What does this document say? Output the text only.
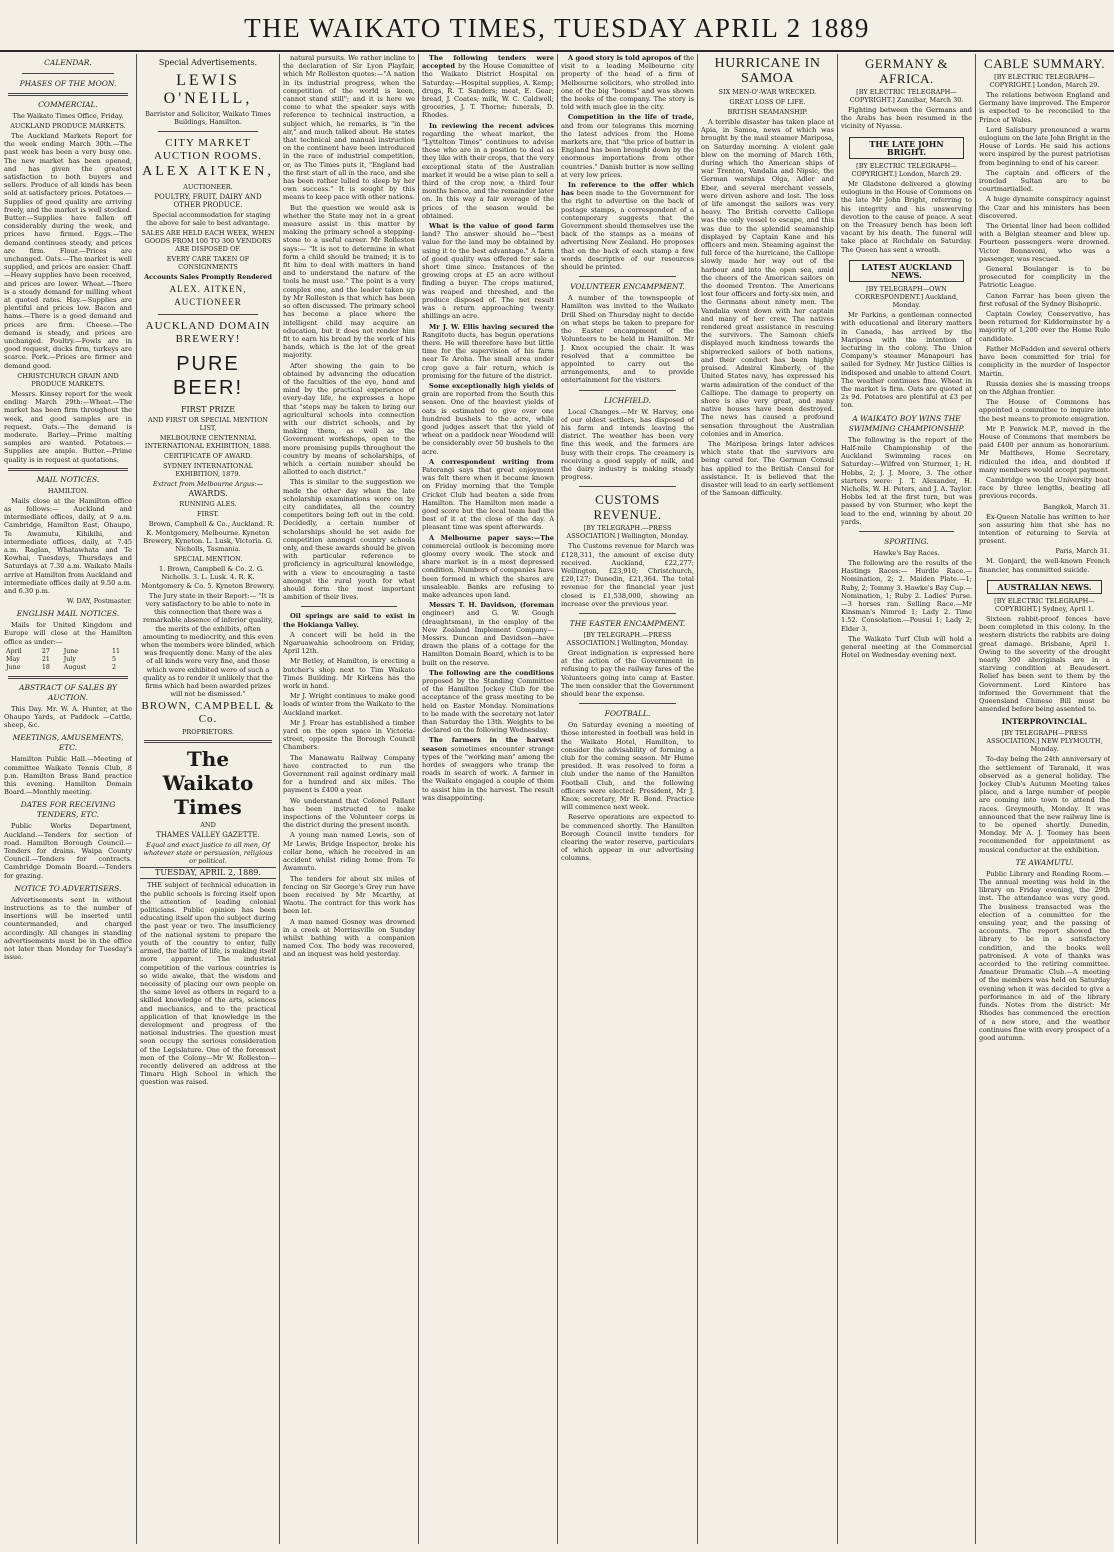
THE WAIKATO TIMES, TUESDAY APRIL 2 1889
CALENDAR.
PHASES OF THE MOON.
COMMERCIAL.
The Waikato Times Office, Friday.
AUCKLAND PRODUCE MARKETS.

The Auckland Markets Report for the week ending March 30th.—The past week has been a very busy one. The new market has been opened, and has given the greatest satisfaction to both buyers and sellers. Produce of all kinds has been sold at satisfactory prices. Potatoes.—Supplies of good quality are arriving freely, and the market is well stocked. Butter.—Supplies have fallen off considerably during the week, and prices have firmed. Eggs.—The demand continues steady, and prices are firm. Flour.—Prices are unchanged. Oats.—The market is well supplied, and prices are easier. Chaff.—Heavy supplies have been received, and prices are lower. Wheat.—There is a steady demand for milling wheat at quoted rates. Hay.—Supplies are plentiful and prices low. Bacon and hams.—There is a good demand and prices are firm. Cheese.—The demand is steady, and prices are unchanged. Poultry.—Fowls are in good request, ducks firm, turkeys are scarce. Pork.—Prices are firmer and demand good.

CHRISTCHURCH GRAIN AND PRODUCE MARKETS.

Messrs. Kinsey report for the week ending March 29th:—Wheat.—The market has been firm throughout the week, and good samples are in request. Oats.—The demand is moderate. Barley.—Prime malting samples are wanted. Potatoes.—Supplies are ample. Butter.—Prime quality is in request at quotations.

MAIL NOTICES.
HAMILTON.

Mails close at the Hamilton office as follows:— Auckland and intermediate offices, daily, at 9 a.m. Cambridge, Hamilton East, Ohaupo, Te Awamutu, Kihikihi, and intermediate offices, daily, at 7.45 a.m. Raglan, Whatawhata and Te Kowhai, Tuesdays, Thursdays and Saturdays at 7.30 a.m. Waikato Mails arrive at Hamilton from Auckland and intermediate offices daily at 9.50 a.m. and 6.30 p.m.

W. DAY, Postmaster.
ENGLISH MAIL NOTICES.

Mails for United Kingdom and Europe will close at the Hamilton office as under:—

April	27	June	11
May	21	July	5
June	18	August	2
ABSTRACT OF SALES BY AUCTION.

This Day. Mr. W. A. Hunter, at the Ohaupo Yards, at Paddock —Cattle, sheep, &c.

MEETINGS, AMUSEMENTS, ETC.

Hamilton Public Hall.—Meeting of committee Waikato Tennis Club, 8 p.m. Hamilton Brass Band practice this evening. Hamilton Domain Board.—Monthly meeting.

DATES FOR RECEIVING TENDERS, ETC.

Public Works Department, Auckland.—Tenders for section of road. Hamilton Borough Council.—Tenders for drains. Waipa County Council.—Tenders for contracts. Cambridge Domain Board.—Tenders for grazing.

NOTICE TO ADVERTISERS.

Advertisements sent in without instructions as to the number of insertions will be inserted until countermanded, and charged accordingly. All changes in standing advertisements must be in the office not later than Monday for Tuesday's issue.

Special Advertisements.
LEWIS O'NEILL,
Barrister and Solicitor, Waikato Times Buildings, Hamilton.
CITY MARKET AUCTION ROOMS.
ALEX AITKEN,
AUCTIONEER.
POULTRY, FRUIT, DAIRY AND OTHER PRODUCE.

Special accommodation for staging the above for sale to best advantage.

SALES ARE HELD EACH WEEK, WHEN GOODS FROM 100 TO 300 VENDORS ARE DISPOSED OF.
EVERY CARE TAKEN OF CONSIGNMENTS
Accounts Sales Promptly Rendered
ALEX. AITKEN, AUCTIONEER
AUCKLAND DOMAIN BREWERY!
PURE BEER!
FIRST PRIZE
AND FIRST OR SPECIAL MENTION LIST,
MELBOURNE CENTENNIAL INTERNATIONAL EXHIBITION, 1888.
CERTIFICATE OF AWARD.
SYDNEY INTERNATIONAL EXHIBITION, 1879.
Extract from Melbourne Argus:—
AWARDS.
RUNNING ALES.
FIRST.

Brown, Campbell & Co., Auckland. R. K. Montgomery, Melbourne. Kyneton Brewery, Kyneton. L. Lusk, Victoria. G. Nicholls, Tasmania.

SPECIAL MENTION.

1. Brown, Campbell & Co. 2. G. Nicholls. 3. L. Lusk. 4. R. K. Montgomery & Co. 5. Kyneton Brewery.

The Jury state in their Report:— "It is very satisfactory to be able to note in this connection that there was a remarkable absence of inferior quality, the merits of the exhibits, often amounting to mediocrity, and this even when the members were blinded, which was frequently done. Many of the ales of all kinds were very fine, and those which were exhibited were of such a quality as to render it unlikely that the firms which had been awarded prizes will not be dismissed."

BROWN, CAMPBELL & Co.
PROPRIETORS.
The Waikato Times
AND
THAMES VALLEY GAZETTE.
Equal and exact justice to all men, Of whatever state or persuasion, religious or political.
TUESDAY, APRIL 2, 1889.

THE subject of technical education in the public schools is forcing itself upon the attention of leading colonial politicians. Public opinion has been educating itself upon the subject during the past year or two. The insufficiency of the national system to prepare the youth of the country to enter, fully armed, the battle of life, is making itself more apparent. The industrial competition of the various countries is so wide awake, that the wisdom and necessity of placing our own people on the same level as others in regard to a skilled knowledge of the arts, sciences and mechanics, and to the practical application of that knowledge in the development and progress of the national industries. The question must soon occupy the serious consideration of the Legislature. One of the foremost men of the Colony—Mr W. Rolleston—recently delivered an address at the Timaru High School in which the question was raised.

natural pursuits. We rather incline to the declaration of Sir Lyon Playfair, which Mr Rolleston quotes:—"A nation in its industrial progress, when the competition of the world is keen, cannot stand still"; and it is here we come to what the speaker says with reference to technical instruction, a subject which, he remarks, is "in the air," and much talked about. He states that technical and manual instruction on the continent have been introduced in the race of industrial competition, or, as The Times puts it, "England had the first start of all in the race, and she has been rather lulled to sleep by her own success." It is sought by this means to keep pace with other nations.

But the question we would ask is whether the State may not in a great measure assist in this matter by making the primary school a stepping-stone to a useful career. Mr Rolleston says:— "It is not to determine in what form a child should be trained; it is to fit him to deal with matters in hand and to understand the nature of the tools he must use." The point is a very complex one, and the leader taken up by Mr Rolleston is that which has been so often discussed. The primary school has become a place where the intelligent child may acquire an education, but it does not render him fit to earn his bread by the work of his hands, which is the lot of the great majority.

After showing the gain to be obtained by advancing the education of the faculties of the eye, hand and mind by the practical experience of every-day life, he expresses a hope that "steps may be taken to bring our agricultural schools into connection with our district schools, and by making them, as well as the Government workshops, open to the more promising pupils throughout the country by means of scholarships, of which a certain number should be allotted to each district."

This is similar to the suggestion we made the other day when the late scholarship examinations were on by city candidates, all the country competitors being left out in the cold. Decidedly, a certain number of scholarships should be set aside for competition amongst country schools only, and these awards should be given with particular reference to proficiency in agricultural knowledge, with a view to encouraging a taste amongst the rural youth for what should form the most important ambition of their lives.

Oil springs are said to exist in the Hokianga Valley.

A concert will be held in the Ngaruawahia schoolroom on Friday, April 12th.

Mr Betley, of Hamilton, is erecting a butcher's shop next to Tim Waikato Times Building. Mr Kirkens has the work in hand.

Mr J. Wright continues to make good loads of winter from the Waikato to the Auckland market.

Mr J. Frear has established a timber yard on the open space in Victoria-street, opposite the Borough Council Chambers.

The Manawatu Railway Company have contracted to run the Government rail against ordinary mail for a hundred and six miles. The payment is £400 a year.

We understand that Colonel Pallant has been instructed to make inspections of the Volunteer corps in the district during the present month.

A young man named Lewis, son of Mr Lewis, Bridge Inspector, broke his collar bone, which he received in an accident whilst riding home from Te Awamutu.

The tenders for about six miles of fencing on Sir George's Grey run have been received by Mr Mcarthy, at Waotu. The contract for this work has been let.

A man named Gosney was drowned in a creek at Morrinsville on Sunday whilst bathing with a companion named Cox. The body was recovered, and an inquest was held yesterday.

The following tenders were accepted by the House Committee of the Waikato District Hospital on Saturday:—Hospital supplies, A. Kemp; drugs, R. T. Sanders; meat, E. Gear; bread, J. Coates; milk, W. C. Caldwell; groceries, J. T. Thorne; funerals, D. Rhodes.

In reviewing the recent advices regarding the wheat market, the "Lyttelton Times" continues to advise those who are in a position to deal as they like with their crops, that the very exceptional state of the Australian market it would be a wise plan to sell a third of the crop now, a third four months hence, and the remainder later on. In this way a fair average of the prices of the season would be obtained.

What is the value of good farm land? The answer should be—"best value for the land may be obtained by using it to the best advantage." A farm of good quality was offered for sale a short time since. Instances of the growing crops at £5 an acre without finding a buyer. The crops matured, was reaped and threshed, and the produce disposed of. The net result was a return approaching twenty shillings an acre.

Mr J. W. Ellis having secured the Rangitoto ducts, has begun operations there. He will therefore have but little time for the supervision of his farm near Te Aroha. The small area under crop gave a fair return, which is promising for the future of the district.

Some exceptionally high yields of grain are reported from the South this season. One of the heaviest yields of oats is estimated to give over one hundred bushels to the acre, while good judges assert that the yield of wheat on a paddock near Woodend will be considerably over 50 bushels to the acre.

A correspondent writing from Paterangi says that great enjoyment was felt there when it became known on Friday morning that the Temple Cricket Club had beaten a side from Hamilton. The Hamilton men made a good score but the local team had the best of it at the close of the day. A pleasant time was spent afterwards.

A Melbourne paper says:—The commercial outlook is becoming more gloomy every week. The stock and share market is in a most depressed condition. Numbers of companies have been formed in which the shares are unsaleable. Banks are refusing to make advances upon land.

Messrs T. H. Davidson, (foreman engineer) and G. W. Gough (draughtsman), in the employ of the New Zealand Implement Company—Messrs. Duncan and Davidson—have drawn the plans of a cottage for the Hamilton Domain Board, which is to be built on the reserve.

The following are the conditions proposed by the Standing Committee of the Hamilton Jockey Club for the acceptance of the grass meeting to be held on Easter Monday. Nominations to be made with the secretary not later than Saturday the 13th. Weights to be declared on the following Wednesday.

The farmers in the harvest season sometimes encounter strange types of the "working man" among the hordes of swaggers who tramp the roads in search of work. A farmer in the Waikato engaged a couple of them to assist him in the harvest. The result was disappointing.

A good story is told apropos of the visit to a leading Melbourne city property of the head of a firm of Melbourne solicitors, who strolled into one of the big "booms" and was shown the books of the company. The story is told with much glee in the city.

Competition in the life of trade, and from our telegrams this morning the latest advices from the Home markets are, that "the price of butter in England has been brought down by the enormous importations from other countries." Danish butter is now selling at very low prices.

In reference to the offer which has been made to the Government for the right to advertise on the back of postage stamps, a correspondent of a contemporary suggests that the Government should themselves use the back of the stamps as a means of advertising New Zealand. He proposes that on the back of each stamp a few words descriptive of our resources should be printed.

VOLUNTEER ENCAMPMENT.

A number of the townspeople of Hamilton was invited to the Waikato Drill Shed on Thursday night to decide on what steps be taken to prepare for the Easter encampment of the Volunteers to be held in Hamilton. Mr J. Knox occupied the chair. It was resolved that a committee be appointed to carry out the arrangements, and to provide entertainment for the visitors.

LICHFIELD.

Local Changes.—Mr W. Harvey, one of our oldest settlers, has disposed of his farm and intends leaving the district. The weather has been very fine this week, and the farmers are busy with their crops. The creamery is receiving a good supply of milk, and the dairy industry is making steady progress.

CUSTOMS REVENUE.
[BY TELEGRAPH.—PRESS ASSOCIATION.] Wellington, Monday.

The Customs revenue for March was £128,311, the amount of excise duty received. Auckland, £22,277; Wellington, £23,910; Christchurch, £20,127; Dunedin, £21,364. The total revenue for the financial year just closed is £1,538,000, showing an increase over the previous year.

THE EASTER ENCAMPMENT.
[BY TELEGRAPH.—PRESS ASSOCIATION.] Wellington, Monday.

Great indignation is expressed here at the action of the Government in refusing to pay the railway fares of the Volunteers going into camp at Easter. The men consider that the Government should bear the expense.

FOOTBALL.

On Saturday evening a meeting of those interested in football was held in the Waikato Hotel, Hamilton, to consider the advisability of forming a club for the coming season. Mr Hume presided. It was resolved to form a club under the name of the Hamilton Football Club, and the following officers were elected: President, Mr J. Knox; secretary, Mr R. Bond. Practice will commence next week.

Reserve operations are expected to be commenced shortly. The Hamilton Borough Council invite tenders for clearing the water reserve, particulars of which appear in our advertising columns.

HURRICANE IN SAMOA
SIX MEN-O'-WAR WRECKED.
GREAT LOSS OF LIFE.
BRITISH SEAMANSHIP.

A terrible disaster has taken place at Apia, in Samoa, news of which was brought by the mail steamer Mariposa, on Saturday morning. A violent gale blew on the morning of March 16th, during which the American ships of war Trenton, Vandalia and Nipsic, the German warships Olga, Adler and Eber, and several merchant vessels, were driven ashore and lost. The loss of life amongst the sailors was very heavy. The British corvette Calliope was the only vessel to escape, and this was due to the splendid seamanship displayed by Captain Kane and his officers and men. Steaming against the full force of the hurricane, the Calliope slowly made her way out of the harbour and into the open sea, amid the cheers of the American sailors on the doomed Trenton. The Americans lost four officers and forty-six men, and the Germans about ninety men. The Vandalia went down with her captain and many of her crew. The natives rendered great assistance in rescuing the survivors. The Samoan chiefs displayed much kindness towards the shipwrecked sailors of both nations, and their conduct has been highly praised. Admiral Kimberly, of the United States navy, has expressed his warm admiration of the conduct of the Calliope. The damage to property on shore is also very great, and many native houses have been destroyed. The news has caused a profound sensation throughout the Australian colonies and in America.

The Mariposa brings later advices which state that the survivors are being cared for. The German Consul has applied to the British Consul for assistance. It is believed that the disaster will lead to an early settlement of the Samoan difficulty.

GERMANY & AFRICA.
[BY ELECTRIC TELEGRAPH—COPYRIGHT.] Zanzibar, March 30.

Fighting between the Germans and the Arabs has been resumed in the vicinity of Nyassa.

THE LATE JOHN BRIGHT.
[BY ELECTRIC TELEGRAPH—COPYRIGHT.] London, March 29.

Mr Gladstone delivered a glowing eulogium in the House of Commons on the late Mr John Bright, referring to his integrity and his unswerving devotion to the cause of peace. A seat on the Treasury bench has been left vacant by his death. The funeral will take place at Rochdale on Saturday. The Queen has sent a wreath.

LATEST AUCKLAND NEWS.
[BY TELEGRAPH—OWN CORRESPONDENT.] Auckland, Monday.

Mr Parkins, a gentleman connected with educational and literary matters in Canada, has arrived by the Mariposa with the intention of lecturing in the colony. The Union Company's steamer Manapouri has sailed for Sydney. Mr Justice Gillies is indisposed and unable to attend Court. The weather continues fine. Wheat in the market is firm. Oats are quoted at 2s 9d. Potatoes are plentiful at £3 per ton.

A WAIKATO BOY WINS THE SWIMMING CHAMPIONSHIP.

The following is the report of the Half-mile Championship of the Auckland Swimming races on Saturday:—Wilfred von Sturmer, 1; H. Hobbs, 2; J. J. Moore, 3. The other starters were: J. T. Alexander, H. Nicholls, W. H. Peters, and J. A. Taylor. Hobbs led at the first turn, but was passed by von Sturmer, who kept the lead to the end, winning by about 20 yards.

SPORTING.
Hawke's Bay Races.

The following are the results of the Hastings Races:— Hurdle Race.—Nomination, 2; 2. Maiden Plate.—1; Ruby, 2; Tommy 3. Hawke's Bay Cup.—Nomination, 1; Ruby 2. Ladies' Purse.—3 horses ran. Selling Race.—Mr Kinsman's Nimrod 1; Lady 2. Time 1.52. Consolation.—Pousui 1; Lady 2; Elder 3.

The Waikato Turf Club will hold a general meeting at the Commercial Hotel on Wednesday evening next.

CABLE SUMMARY.
[BY ELECTRIC TELEGRAPH—COPYRIGHT.] London, March 29.

The relations between England and Germany have improved. The Emperor is expected to be reconciled to the Prince of Wales.

Lord Salisbury pronounced a warm eulogium on the late John Bright in the House of Lords. He said his actions were inspired by the purest patriotism from beginning to end of his career.

The captain and officers of the ironclad Sultan are to be courtmartialled.

A huge dynamite conspiracy against the Czar and his ministers has been discovered.

The Oriental liner had been collided with a Belgian steamer and blew up. Fourteen passengers were drowned. Victor Bonnavoni, who was a passenger, was rescued.

General Boulanger is to be prosecuted for complicity in the Patriotic League.

Canon Farrar has been given the first refusal of the Sydney Bishopric.

Captain Cowley, Conservative, has been returned for Kidderminster by a majority of 1,200 over the Home Rule candidate.

Father McFadden and several others have been committed for trial for complicity in the murder of Inspector Martin.

Russia denies she is massing troops on the Afghan frontier.

The House of Commons has appointed a committee to inquire into the best means to promote emigration.

Mr P. Fenwick M.P., moved in the House of Commons that members be paid £400 per annum as honorarium. Mr Matthews, Home Secretary, ridiculed the idea, and doubted if many members would accept payment.

Cambridge won the University boat race by three lengths, beating all previous records.

Bangkok, March 31.

Ex-Queen Natalie has written to her son assuring him that she has no intention of returning to Servia at present.

Paris, March 31.

M. Gonjard, the well-known French financier, has committed suicide.

AUSTRALIAN NEWS.
[BY ELECTRIC TELEGRAPH—COPYRIGHT.] Sydney, April 1.

Sixteen rabbit-proof fences have been completed in this colony. In the western districts the rabbits are doing great damage. Brisbane, April 1. Owing to the severity of the drought nearly 300 aboriginals are in a starving condition at Beaudesert. Relief has been sent to them by the Government. Lord Kintore has informed the Government that the Queensland Chinese Bill must be amended before being assented to.

INTERPROVINCIAL.
[BY TELEGRAPH—PRESS ASSOCIATION.] NEW PLYMOUTH, Monday.

To-day being the 24th anniversary of the settlement of Taranaki, it was observed as a general holiday. The Jockey Club's Autumn Meeting takes place, and a large number of people are coming into town to attend the races. Greymouth, Monday. It was announced that the new railway line is to be opened shortly. Dunedin, Monday. Mr A. J. Toomey has been recommended for appointment as musical conductor at the exhibition.

TE AWAMUTU.

Public Library and Reading Room.—The annual meeting was held in the library on Friday evening, the 29th inst. The attendance was very good. The business transacted was the election of a committee for the ensuing year, and the passing of accounts. The report showed the library to be in a satisfactory condition, and the books well patronised. A vote of thanks was accorded to the retiring committee. Amateur Dramatic Club.—A meeting of the members was held on Saturday evening when it was decided to give a performance in aid of the library funds. Notes from the district: Mr Rhodes has commenced the erection of a new store, and the weather continues fine with every prospect of a good autumn.
